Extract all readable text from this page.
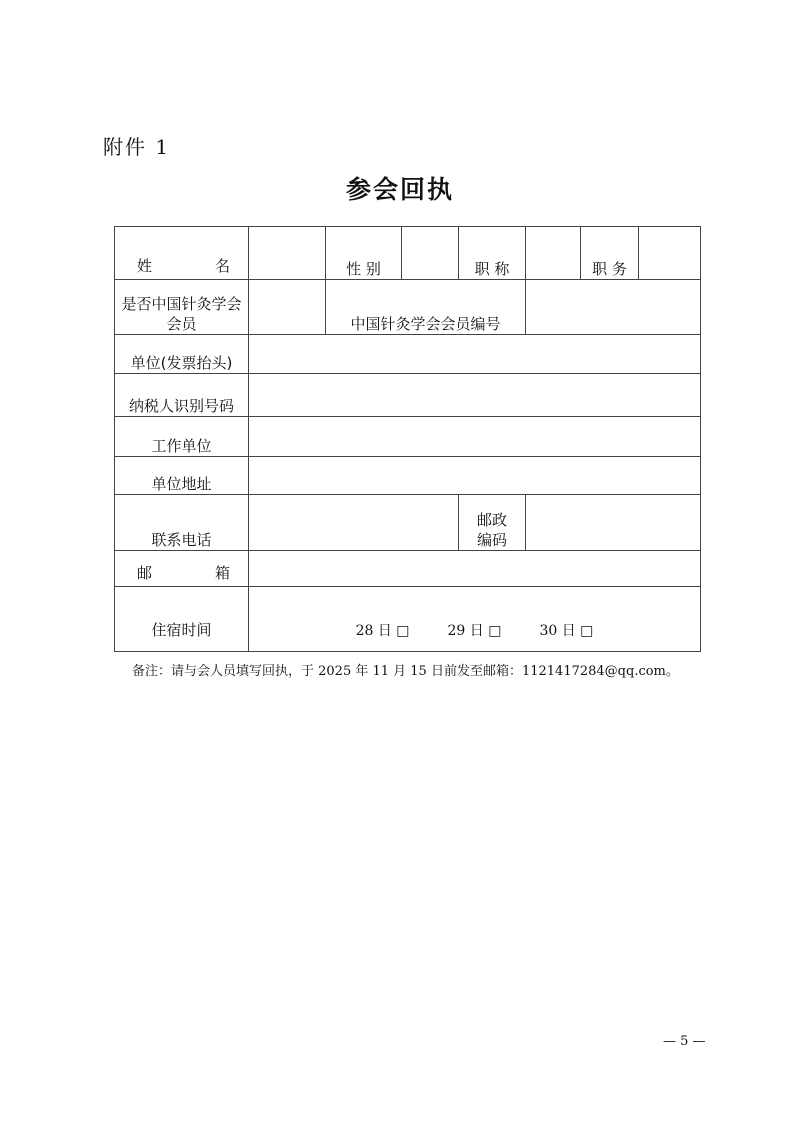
附件 1
参会回执
姓 名		性 别		职 称		职 务	
是否中国针灸学会会员		中国针灸学会会员编号					
单位(发票抬头)							
纳税人识别号码							
工作单位							
单位地址							
联系电话				邮政编码			

邮 箱							

住宿时间	28 日 □ 29 日 □ 30 日 □						
备注：请与会人员填写回执，于 2025 年 11 月 15 日前发至邮箱：1121417284@qq.com。
— 5 —
